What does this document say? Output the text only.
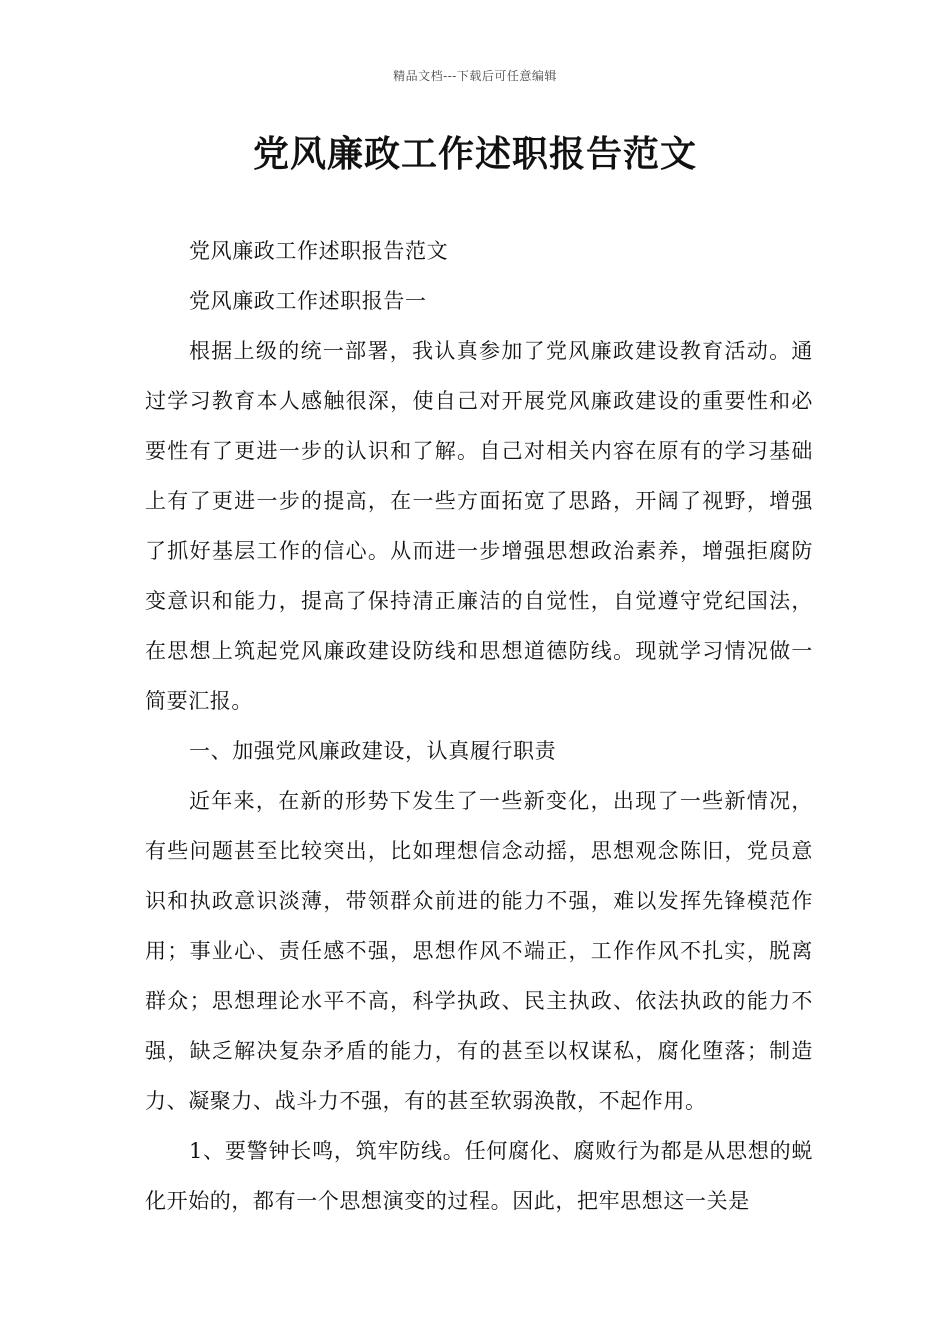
精品文档---下载后可任意编辑
党风廉政工作述职报告范文

党风廉政工作述职报告范文

党风廉政工作述职报告一

根据上级的统一部署，我认真参加了党风廉政建设教育活动。通过学习教育本人感触很深，使自己对开展党风廉政建设的重要性和必要性有了更进一步的认识和了解。自己对相关内容在原有的学习基础上有了更进一步的提高，在一些方面拓宽了思路，开阔了视野，增强了抓好基层工作的信心。从而进一步增强思想政治素养，增强拒腐防变意识和能力，提高了保持清正廉洁的自觉性，自觉遵守党纪国法，在思想上筑起党风廉政建设防线和思想道德防线。现就学习情况做一简要汇报。

一、加强党风廉政建设，认真履行职责

近年来，在新的形势下发生了一些新变化，出现了一些新情况，有些问题甚至比较突出，比如理想信念动摇，思想观念陈旧，党员意识和执政意识淡薄，带领群众前进的能力不强，难以发挥先锋模范作用；事业心、责任感不强，思想作风不端正，工作作风不扎实，脱离群众；思想理论水平不高，科学执政、民主执政、依法执政的能力不强，缺乏解决复杂矛盾的能力，有的甚至以权谋私，腐化堕落；制造力、凝聚力、战斗力不强，有的甚至软弱涣散，不起作用。

1、要警钟长鸣，筑牢防线。任何腐化、腐败行为都是从思想的蜕化开始的，都有一个思想演变的过程。因此，把牢思想这一关是
